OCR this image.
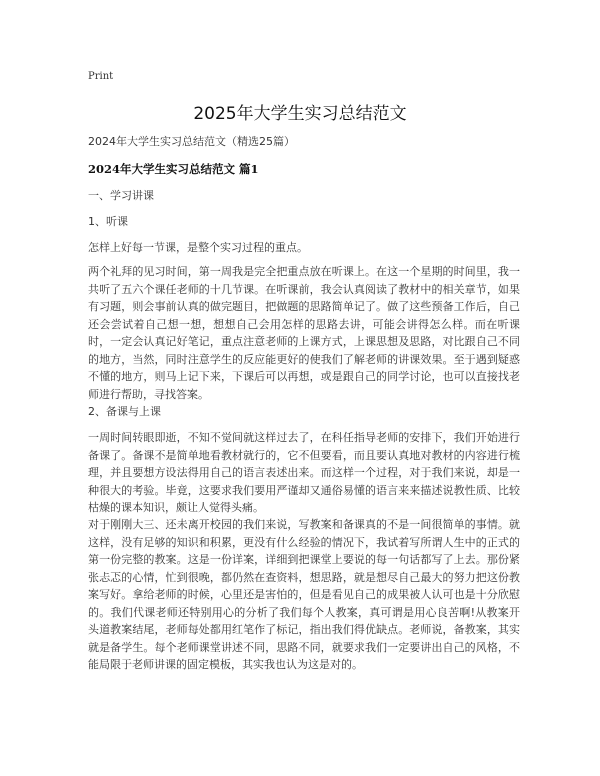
Print
2025年大学生实习总结范文
2024年大学生实习总结范文（精选25篇）
2024年大学生实习总结范文 篇1
一、学习讲课
1、听课

怎样上好每一节课，是整个实习过程的重点。

两个礼拜的见习时间，第一周我是完全把重点放在听课上。在这一个星期的时间里，我一共听了五六个课任老师的十几节课。在听课前，我会认真阅读了教材中的相关章节，如果有习题，则会事前认真的做完题目，把做题的思路简单记了。做了这些预备工作后，自己还会尝试着自己想一想，想想自己会用怎样的思路去讲，可能会讲得怎么样。而在听课时，一定会认真记好笔记，重点注意老师的上课方式，上课思想及思路，对比跟自己不同的地方，当然，同时注意学生的反应能更好的使我们了解老师的讲课效果。至于遇到疑惑不懂的地方，则马上记下来，下课后可以再想，或是跟自己的同学讨论，也可以直接找老师进行帮助，寻找答案。

2、备课与上课

一周时间转眼即逝，不知不觉间就这样过去了，在科任指导老师的安排下，我们开始进行备课了。备课不是简单地看教材就行的，它不但要看，而且要认真地对教材的内容进行梳理，并且要想方设法得用自己的语言表述出来。而这样一个过程，对于我们来说，却是一种很大的考验。毕竟，这要求我们要用严谨却又通俗易懂的语言来来描述说教性质、比较枯燥的课本知识，颇让人觉得头痛。

对于刚刚大三、还未离开校园的我们来说，写教案和备课真的不是一间很简单的事情。就这样，没有足够的知识和积累，更没有什么经验的情况下，我试着写所谓人生中的正式的第一份完整的教案。这是一份详案，详细到把课堂上要说的每一句话都写了上去。那份紧张忐忑的心情，忙到很晚，都仍然在查资料，想思路，就是想尽自己最大的努力把这份教案写好。拿给老师的时候，心里还是害怕的，但是看见自己的成果被人认可也是十分欣慰的。我们代课老师还特别用心的分析了我们每个人教案，真可谓是用心良苦啊!从教案开头道教案结尾，老师每处都用红笔作了标记，指出我们得优缺点。老师说，备教案，其实就是备学生。每个老师课堂讲述不同，思路不同，就要求我们一定要讲出自己的风格，不能局限于老师讲课的固定模板，其实我也认为这是对的。
